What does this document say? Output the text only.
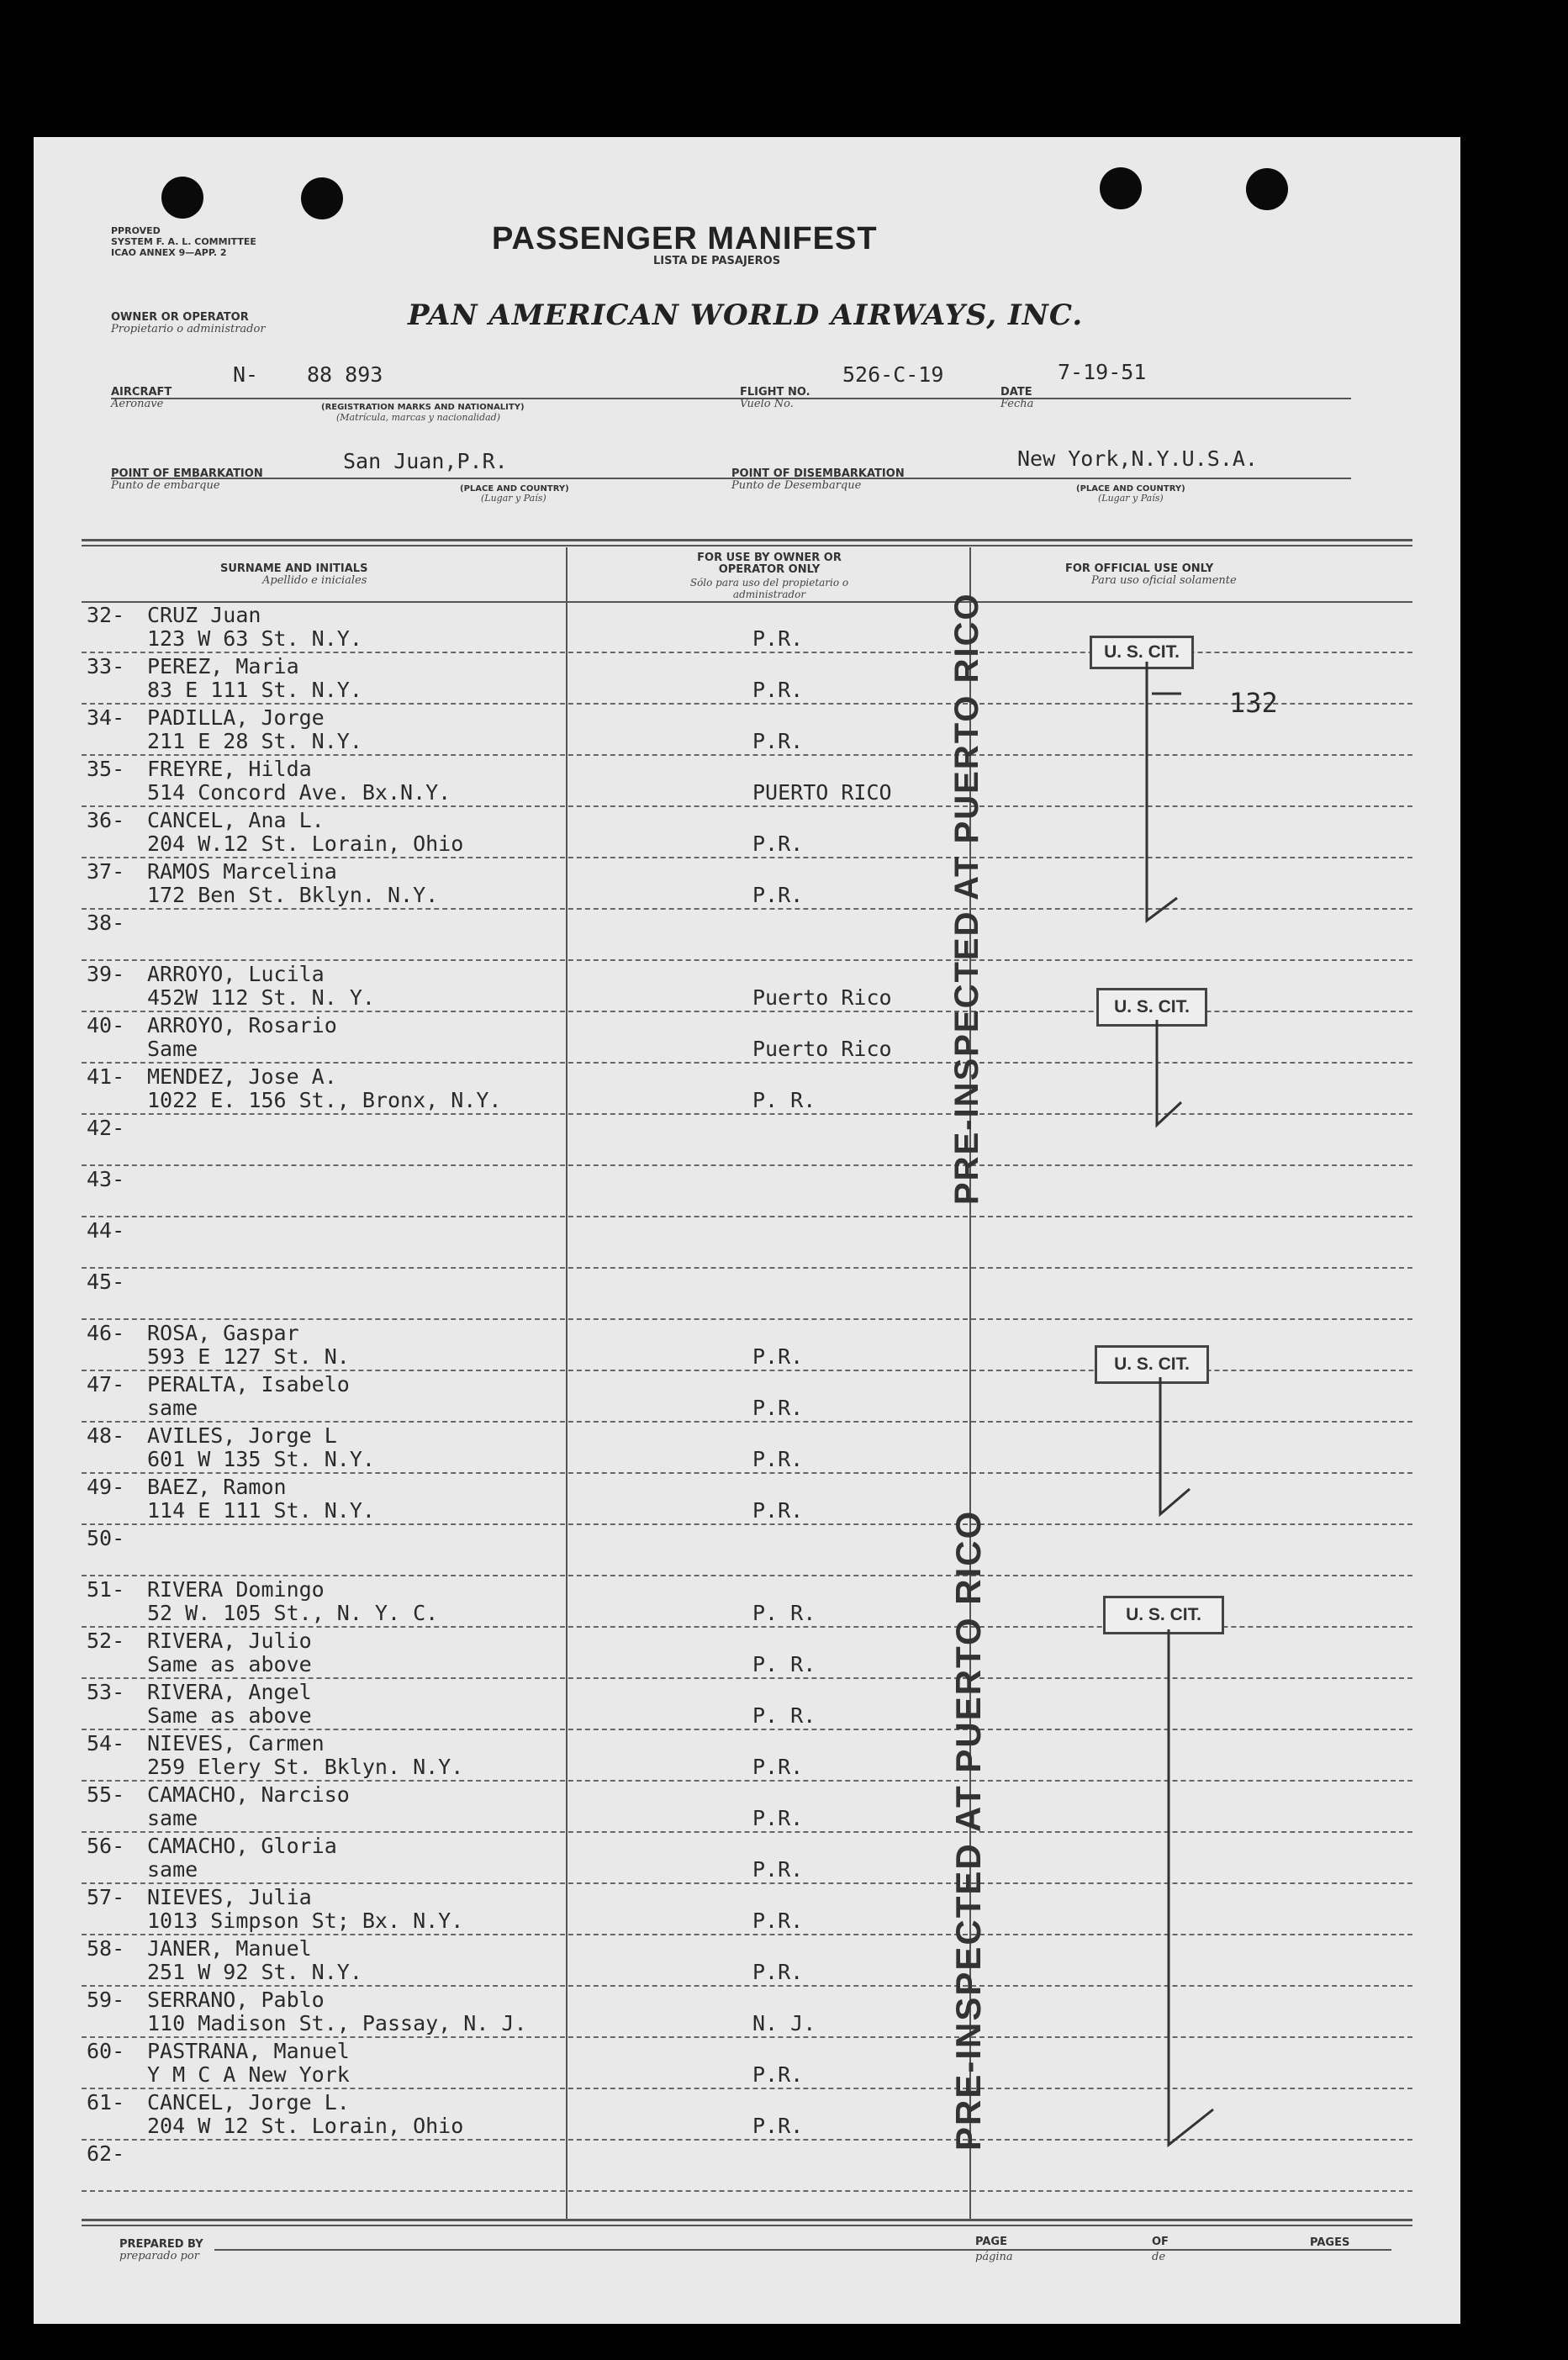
PPROVED
SYSTEM F. A. L. COMMITTEE
ICAO ANNEX 9—APP. 2	PASSENGER MANIFEST
LISTA DE PASAJEROS
OWNER OR OPERATOR
Propietario o administrador	PAN AMERICAN WORLD AIRWAYS, INC.
AIRCRAFT
Aeronave
N- 88 893
(REGISTRATION MARKS AND NATIONALITY)
(Matrícula, marcas y nacionalidad)
FLIGHT NO.
Vuelo No.
526-C-19
DATE
Fecha
7-19-51
POINT OF EMBARKATION
Punto de embarque
San Juan,P.R.
(PLACE AND COUNTRY)
(Lugar y País)
POINT OF DISEMBARKATION
Punto de Desembarque
New York,N.Y.U.S.A.
(PLACE AND COUNTRY)
(Lugar y País)
SURNAME AND INITIALS
Apellido e iniciales
FOR USE BY OWNER OR OPERATOR ONLY
Sólo para uso del propietario o administrador
FOR OFFICIAL USE ONLY
Para uso oficial solamente
32- CRUZ Juan
123 W 63 St. N.Y.	P.R.
33- PEREZ, Maria
83 E 111 St. N.Y.	P.R.
34- PADILLA, Jorge
211 E 28 St. N.Y.	P.R.
35- FREYRE, Hilda
514 Concord Ave. Bx.N.Y.	PUERTO RICO
36- CANCEL, Ana L.
204 W.12 St. Lorain, Ohio	P.R.
37- RAMOS Marcelina
172 Ben St. Bklyn. N.Y.	P.R.
38-
39- ARROYO, Lucila
452W 112 St. N. Y.	Puerto Rico
40- ARROYO, Rosario
Same	Puerto Rico
41- MENDEZ, Jose A.
1022 E. 156 St., Bronx, N.Y.	P. R.
42-
43-
44-
45-
46- ROSA, Gaspar
593 E 127 St. N.	P.R.
47- PERALTA, Isabelo
same	P.R.
48- AVILES, Jorge L
601 W 135 St. N.Y.	P.R.
49- BAEZ, Ramon
114 E 111 St. N.Y.	P.R.
50-
51- RIVERA Domingo
52 W. 105 St., N. Y. C.	P. R.
52- RIVERA, Julio
Same as above	P. R.
53- RIVERA, Angel
Same as above	P. R.
54- NIEVES, Carmen
259 Elery St. Bklyn. N.Y.	P.R.
55- CAMACHO, Narciso
same	P.R.
56- CAMACHO, Gloria
same	P.R.
57- NIEVES, Julia
1013 Simpson St; Bx. N.Y.	P.R.
58- JANER, Manuel
251 W 92 St. N.Y.	P.R.
59- SERRANO, Pablo
110 Madison St., Passay, N. J.	N. J.
60- PASTRANA, Manuel
Y M C A New York	P.R.
61- CANCEL, Jorge L.
204 W 12 St. Lorain, Ohio	P.R.
62-
U. S. CIT.
132
U. S. CIT.
U. S. CIT.
U. S. CIT.
PRE-INSPECTED AT PUERTO RICO
PRE-INSPECTED AT PUERTO RICO
PREPARED BY
preparado por
PAGE
página
OF
de
PAGES
